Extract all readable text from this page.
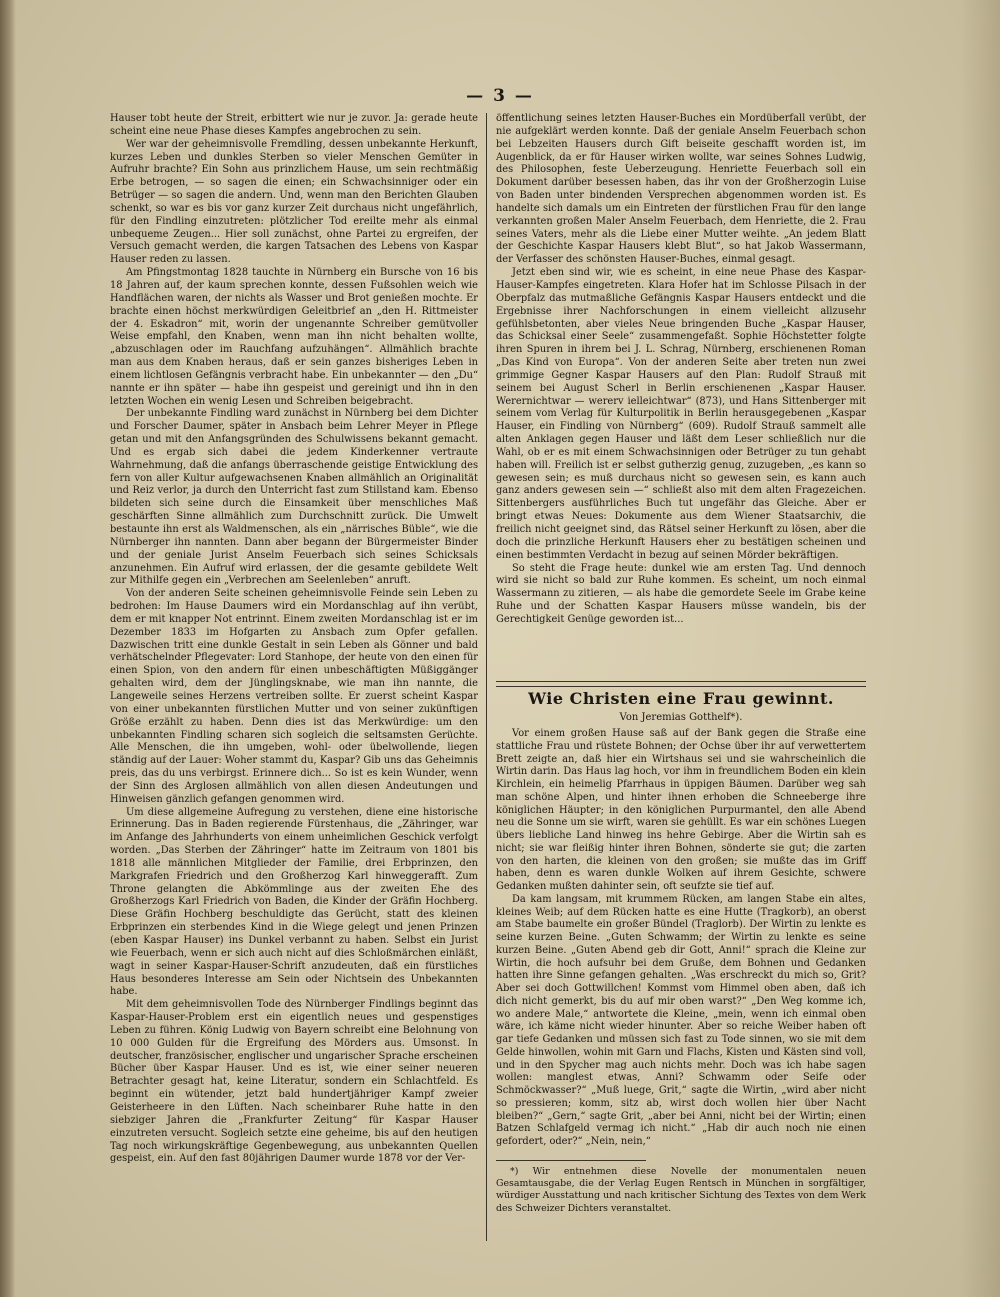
— 3 —

Hauser tobt heute der Streit, erbittert wie nur je zuvor. Ja: gerade heute scheint eine neue Phase dieses Kampfes angebrochen zu sein.

Wer war der geheimnisvolle Fremdling, dessen unbekannte Herkunft, kurzes Leben und dunkles Sterben so vieler Menschen Gemüter in Aufruhr brachte? Ein Sohn aus prinzlichem Hause, um sein rechtmäßig Erbe betrogen, — so sagen die einen; ein Schwachsinniger oder ein Betrüger — so sagen die andern. Und, wenn man den Berichten Glauben schenkt, so war es bis vor ganz kurzer Zeit durchaus nicht ungefährlich, für den Findling einzutreten: plötzlicher Tod ereilte mehr als einmal unbequeme Zeugen... Hier soll zunächst, ohne Partei zu ergreifen, der Versuch gemacht werden, die kargen Tatsachen des Lebens von Kaspar Hauser reden zu lassen.

Am Pfingstmontag 1828 tauchte in Nürnberg ein Bursche von 16 bis 18 Jahren auf, der kaum sprechen konnte, dessen Fußsohlen weich wie Handflächen waren, der nichts als Wasser und Brot genießen mochte. Er brachte einen höchst merkwürdigen Geleitbrief an „den H. Rittmeister der 4. Eskadron“ mit, worin der ungenannte Schreiber gemütvoller Weise empfahl, den Knaben, wenn man ihn nicht behalten wollte, „abzuschlagen oder im Rauchfang aufzuhängen“. Allmählich brachte man aus dem Knaben heraus, daß er sein ganzes bisheriges Leben in einem lichtlosen Gefängnis verbracht habe. Ein unbekannter — den „Du“ nannte er ihn später — habe ihn gespeist und gereinigt und ihn in den letzten Wochen ein wenig Lesen und Schreiben beigebracht.

Der unbekannte Findling ward zunächst in Nürnberg bei dem Dichter und Forscher Daumer, später in Ansbach beim Lehrer Meyer in Pflege getan und mit den Anfangsgründen des Schulwissens bekannt gemacht. Und es ergab sich dabei die jedem Kinderkenner vertraute Wahrnehmung, daß die anfangs überraschende geistige Entwicklung des fern von aller Kultur aufgewachsenen Knaben allmählich an Originalität und Reiz verlor, ja durch den Unterricht fast zum Stillstand kam. Ebenso bildeten sich seine durch die Einsamkeit über menschliches Maß geschärften Sinne allmählich zum Durchschnitt zurück. Die Umwelt bestaunte ihn erst als Waldmenschen, als ein „närrisches Büble“, wie die Nürnberger ihn nannten. Dann aber begann der Bürgermeister Binder und der geniale Jurist Anselm Feuerbach sich seines Schicksals anzunehmen. Ein Aufruf wird erlassen, der die gesamte gebildete Welt zur Mithilfe gegen ein „Verbrechen am Seelenleben“ anruft.

Von der anderen Seite scheinen geheimnisvolle Feinde sein Leben zu bedrohen: Im Hause Daumers wird ein Mordanschlag auf ihn verübt, dem er mit knapper Not entrinnt. Einem zweiten Mordanschlag ist er im Dezember 1833 im Hofgarten zu Ansbach zum Opfer gefallen. Dazwischen tritt eine dunkle Gestalt in sein Leben als Gönner und bald verhätschelnder Pflegevater: Lord Stanhope, der heute von den einen für einen Spion, von den andern für einen unbeschäftigten Müßiggänger gehalten wird, dem der Jünglingsknabe, wie man ihn nannte, die Langeweile seines Herzens vertreiben sollte. Er zuerst scheint Kaspar von einer unbekannten fürstlichen Mutter und von seiner zukünftigen Größe erzählt zu haben. Denn dies ist das Merkwürdige: um den unbekannten Findling scharen sich sogleich die seltsamsten Gerüchte. Alle Menschen, die ihn umgeben, wohl- oder übelwollende, liegen ständig auf der Lauer: Woher stammt du, Kaspar? Gib uns das Geheimnis preis, das du uns verbirgst. Erinnere dich... So ist es kein Wunder, wenn der Sinn des Arglosen allmählich von allen diesen Andeutungen und Hinweisen gänzlich gefangen genommen wird.

Um diese allgemeine Aufregung zu verstehen, diene eine historische Erinnerung. Das in Baden regierende Fürstenhaus, die „Zähringer, war im Anfange des Jahrhunderts von einem unheimlichen Geschick verfolgt worden. „Das Sterben der Zähringer“ hatte im Zeitraum von 1801 bis 1818 alle männlichen Mitglieder der Familie, drei Erbprinzen, den Markgrafen Friedrich und den Großherzog Karl hinweggerafft. Zum Throne gelangten die Abkömmlinge aus der zweiten Ehe des Großherzogs Karl Friedrich von Baden, die Kinder der Gräfin Hochberg. Diese Gräfin Hochberg beschuldigte das Gerücht, statt des kleinen Erbprinzen ein sterbendes Kind in die Wiege gelegt und jenen Prinzen (eben Kaspar Hauser) ins Dunkel verbannt zu haben. Selbst ein Jurist wie Feuerbach, wenn er sich auch nicht auf dies Schloßmärchen einläßt, wagt in seiner Kaspar-Hauser-Schrift anzudeuten, daß ein fürstliches Haus besonderes Interesse am Sein oder Nichtsein des Unbekannten habe.

Mit dem geheimnisvollen Tode des Nürnberger Findlings beginnt das Kaspar-Hauser-Problem erst ein eigentlich neues und gespenstiges Leben zu führen. König Ludwig von Bayern schreibt eine Belohnung von 10 000 Gulden für die Ergreifung des Mörders aus. Umsonst. In deutscher, französischer, englischer und ungarischer Sprache erscheinen Bücher über Kaspar Hauser. Und es ist, wie einer seiner neueren Betrachter gesagt hat, keine Literatur, sondern ein Schlachtfeld. Es beginnt ein wütender, jetzt bald hundertjähriger Kampf zweier Geisterheere in den Lüften. Nach scheinbarer Ruhe hatte in den siebziger Jahren die „Frankfurter Zeitung“ für Kaspar Hauser einzutreten versucht. Sogleich setzte eine geheime, bis auf den heutigen Tag noch wirkungskräftige Gegenbewegung, aus unbekannten Quellen gespeist, ein. Auf den fast 80jährigen Daumer wurde 1878 vor der Ver-

öffentlichung seines letzten Hauser-Buches ein Mordüberfall verübt, der nie aufgeklärt werden konnte. Daß der geniale Anselm Feuerbach schon bei Lebzeiten Hausers durch Gift beiseite geschafft worden ist, im Augenblick, da er für Hauser wirken wollte, war seines Sohnes Ludwig, des Philosophen, feste Ueberzeugung. Henriette Feuerbach soll ein Dokument darüber besessen haben, das ihr von der Großherzogin Luise von Baden unter bindenden Versprechen abgenommen worden ist. Es handelte sich damals um ein Eintreten der fürstlichen Frau für den lange verkannten großen Maler Anselm Feuerbach, dem Henriette, die 2. Frau seines Vaters, mehr als die Liebe einer Mutter weihte. „An jedem Blatt der Geschichte Kaspar Hausers klebt Blut“, so hat Jakob Wassermann, der Verfasser des schönsten Hauser-Buches, einmal gesagt.

Jetzt eben sind wir, wie es scheint, in eine neue Phase des Kaspar-Hauser-Kampfes eingetreten. Klara Hofer hat im Schlosse Pilsach in der Oberpfalz das mutmaßliche Gefängnis Kaspar Hausers entdeckt und die Ergebnisse ihrer Nachforschungen in einem vielleicht allzusehr gefühlsbetonten, aber vieles Neue bringenden Buche „Kaspar Hauser, das Schicksal einer Seele“ zusammengefaßt. Sophie Höchstetter folgte ihren Spuren in ihrem bei J. L. Schrag, Nürnberg, erschienenen Roman „Das Kind von Europa“. Von der anderen Seite aber treten nun zwei grimmige Gegner Kaspar Hausers auf den Plan: Rudolf Strauß mit seinem bei August Scherl in Berlin erschienenen „Kaspar Hauser. Werernichtwar — wererv ielleichtwar“ (873), und Hans Sittenberger mit seinem vom Verlag für Kulturpolitik in Berlin herausgegebenen „Kaspar Hauser, ein Findling von Nürnberg“ (609). Rudolf Strauß sammelt alle alten Anklagen gegen Hauser und läßt dem Leser schließlich nur die Wahl, ob er es mit einem Schwachsinnigen oder Betrüger zu tun gehabt haben will. Freilich ist er selbst gutherzig genug, zuzugeben, „es kann so gewesen sein; es muß durchaus nicht so gewesen sein, es kann auch ganz anders gewesen sein —“ schließt also mit dem alten Fragezeichen. Sittenbergers ausführliches Buch tut ungefähr das Gleiche. Aber er bringt etwas Neues: Dokumente aus dem Wiener Staatsarchiv, die freilich nicht geeignet sind, das Rätsel seiner Herkunft zu lösen, aber die doch die prinzliche Herkunft Hausers eher zu bestätigen scheinen und einen bestimmten Verdacht in bezug auf seinen Mörder bekräftigen.

So steht die Frage heute: dunkel wie am ersten Tag. Und dennoch wird sie nicht so bald zur Ruhe kommen. Es scheint, um noch einmal Wassermann zu zitieren, — als habe die gemordete Seele im Grabe keine Ruhe und der Schatten Kaspar Hausers müsse wandeln, bis der Gerechtigkeit Genüge geworden ist...

Wie Christen eine Frau gewinnt.
Von Jeremias Gotthelf*).

Vor einem großen Hause saß auf der Bank gegen die Straße eine stattliche Frau und rüstete Bohnen; der Ochse über ihr auf verwettertem Brett zeigte an, daß hier ein Wirtshaus sei und sie wahrscheinlich die Wirtin darin. Das Haus lag hoch, vor ihm in freundlichem Boden ein klein Kirchlein, ein heimelig Pfarrhaus in üppigen Bäumen. Darüber weg sah man schöne Alpen, und hinter ihnen erhoben die Schneeberge ihre königlichen Häupter; in den königlichen Purpurmantel, den alle Abend neu die Sonne um sie wirft, waren sie gehüllt. Es war ein schönes Luegen übers liebliche Land hinweg ins hehre Gebirge. Aber die Wirtin sah es nicht; sie war fleißig hinter ihren Bohnen, sönderte sie gut; die zarten von den harten, die kleinen von den großen; sie mußte das im Griff haben, denn es waren dunkle Wolken auf ihrem Gesichte, schwere Gedanken mußten dahinter sein, oft seufzte sie tief auf.

Da kam langsam, mit krummem Rücken, am langen Stabe ein altes, kleines Weib; auf dem Rücken hatte es eine Hutte (Tragkorb), an oberst am Stabe baumelte ein großer Bündel (Traglorb). Der Wirtin zu lenkte es seine kurzen Beine. „Guten Schwamm; der Wirtin zu lenkte es seine kurzen Beine. „Guten Abend geb dir Gott, Anni!“ sprach die Kleine zur Wirtin, die hoch aufsuhr bei dem Gruße, dem Bohnen und Gedanken hatten ihre Sinne gefangen gehalten. „Was erschreckt du mich so, Grit? Aber sei doch Gottwillchen! Kommst vom Himmel oben aben, daß ich dich nicht gemerkt, bis du auf mir oben warst?“ „Den Weg komme ich, wo andere Male,“ antwortete die Kleine, „mein, wenn ich einmal oben wäre, ich käme nicht wieder hinunter. Aber so reiche Weiber haben oft gar tiefe Gedanken und müssen sich fast zu Tode sinnen, wo sie mit dem Gelde hinwollen, wohin mit Garn und Flachs, Kisten und Kästen sind voll, und in den Spycher mag auch nichts mehr. Doch was ich habe sagen wollen: manglest etwas, Anni? Schwamm oder Seife oder Schmöckwasser?“ „Muß luege, Grit,“ sagte die Wirtin, „wird aber nicht so pressieren; komm, sitz ab, wirst doch wollen hier über Nacht bleiben?“ „Gern,“ sagte Grit, „aber bei Anni, nicht bei der Wirtin; einen Batzen Schlafgeld vermag ich nicht.“ „Hab dir auch noch nie einen gefordert, oder?“ „Nein, nein,“

*) Wir entnehmen diese Novelle der monumentalen neuen Gesamtausgabe, die der Verlag Eugen Rentsch in München in sorgfältiger, würdiger Ausstattung und nach kritischer Sichtung des Textes von dem Werk des Schweizer Dichters veranstaltet.
